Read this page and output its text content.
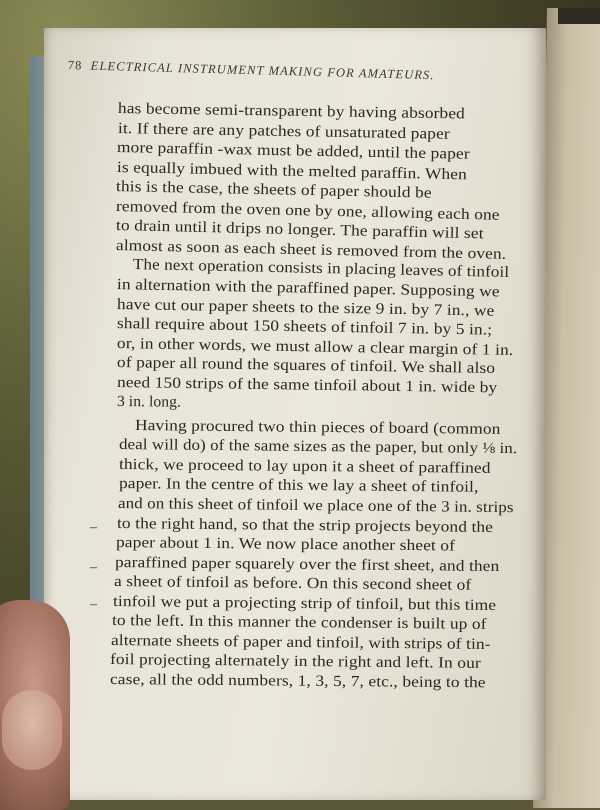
78 ELECTRICAL INSTRUMENT MAKING FOR AMATEURS.
has become semi-transparent by having absorbed
it. If there are any patches of unsaturated paper
more paraffin -wax must be added, until the paper
is equally imbued with the melted paraffin. When
this is the case, the sheets of paper should be
removed from the oven one by one, allowing each one
to drain until it drips no longer. The paraffin will set
almost as soon as each sheet is removed from the oven.
The next operation consists in placing leaves of tinfoil
in alternation with the paraffined paper. Supposing we
have cut our paper sheets to the size 9 in. by 7 in., we
shall require about 150 sheets of tinfoil 7 in. by 5 in.;
or, in other words, we must allow a clear margin of 1 in.
of paper all round the squares of tinfoil. We shall also
need 150 strips of the same tinfoil about 1 in. wide by
3 in. long.
Having procured two thin pieces of board (common
deal will do) of the same sizes as the paper, but only ⅛ in.
thick, we proceed to lay upon it a sheet of paraffined
paper. In the centre of this we lay a sheet of tinfoil,
and on this sheet of tinfoil we place one of the 3 in. strips
to the right hand, so that the strip projects beyond the
paper about 1 in. We now place another sheet of
paraffined paper squarely over the first sheet, and then
a sheet of tinfoil as before. On this second sheet of
tinfoil we put a projecting strip of tinfoil, but this time
to the left. In this manner the condenser is built up of
alternate sheets of paper and tinfoil, with strips of tin-
foil projecting alternately in the right and left. In our
case, all the odd numbers, 1, 3, 5, 7, etc., being to the
–
–
–
